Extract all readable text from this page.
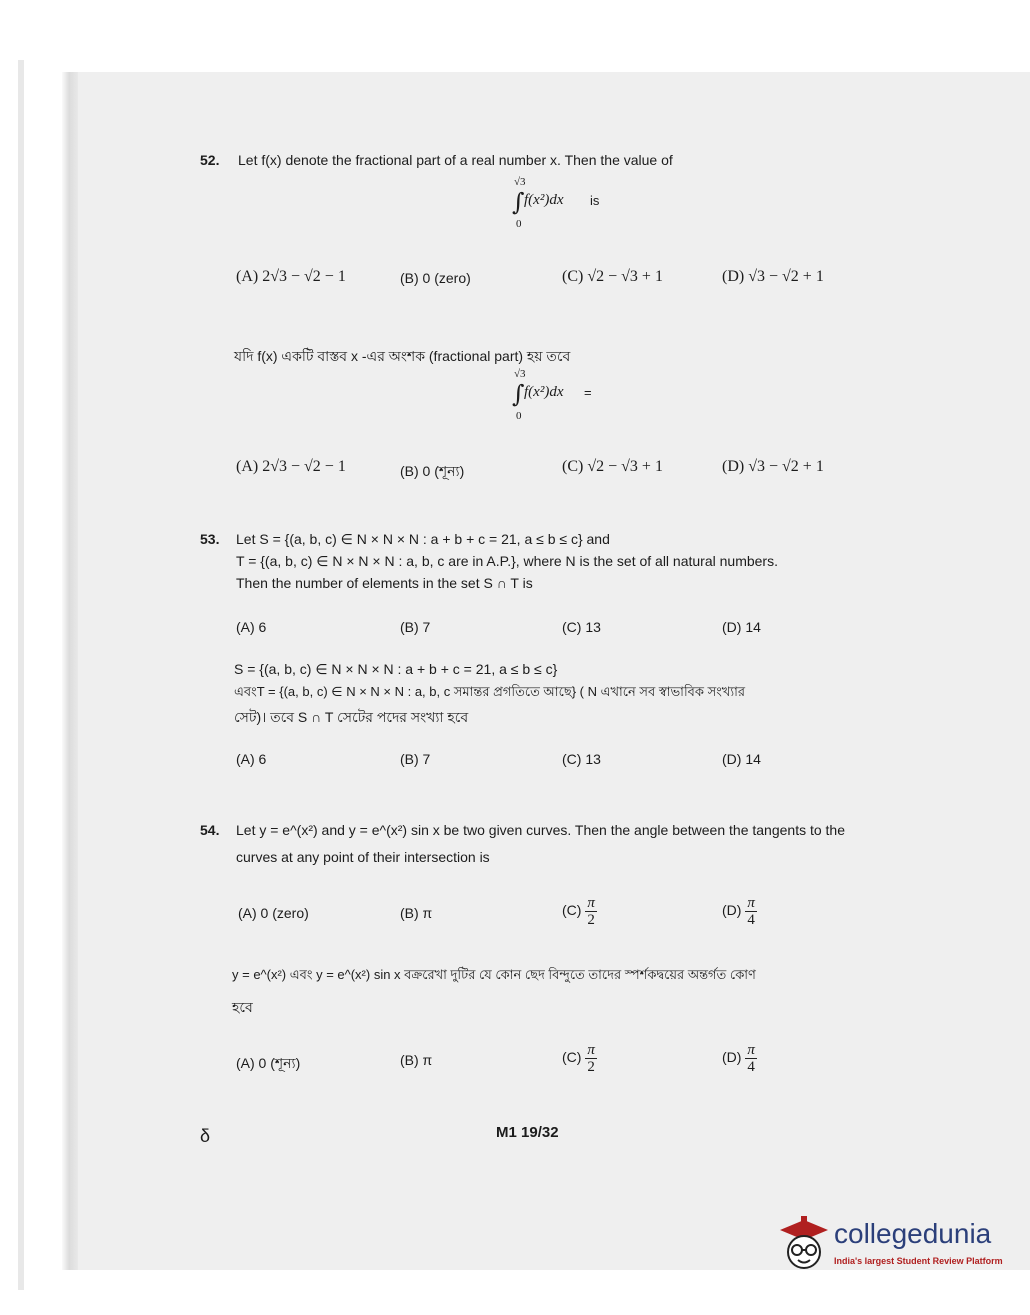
52. Let f(x) denote the fractional part of a real number x. Then the value of
√3
∫ f(x²)dx
0
is
(A) 2√3 − √2 − 1	(B) 0 (zero)	(C) √2 − √3 + 1	(D) √3 − √2 + 1
যদি f(x) একটি বাস্তব x -এর অংশক (fractional part) হয় তবে
√3
∫ f(x²)dx
0
=
(A) 2√3 − √2 − 1	(B) 0 (শূন্য)	(C) √2 − √3 + 1	(D) √3 − √2 + 1
53. Let S = {(a, b, c) ∈ N × N × N : a + b + c = 21, a ≤ b ≤ c} and
T = {(a, b, c) ∈ N × N × N : a, b, c are in A.P.}, where N is the set of all natural numbers.
Then the number of elements in the set S ∩ T is
(A) 6	(B) 7	(C) 13	(D) 14
S = {(a, b, c) ∈ N × N × N : a + b + c = 21, a ≤ b ≤ c}
এবংT = {(a, b, c) ∈ N × N × N : a, b, c সমান্তর প্রগতিতে আছে} ( N এখানে সব স্বাভাবিক সংখ্যার
সেট)। তবে S ∩ T সেটের পদের সংখ্যা হবে
(A) 6	(B) 7	(C) 13	(D) 14
54. Let y = e^(x²) and y = e^(x²) sin x be two given curves. Then the angle between the tangents to the
curves at any point of their intersection is
(A) 0 (zero)	(B) π	$(C) \frac{\pi}{2}$	$(D) \frac{\pi}{4}$
y = e^(x²) এবং y = e^(x²) sin x বক্ররেখা দুটির যে কোন ছেদ বিন্দুতে তাদের স্পর্শকদ্বয়ের অন্তর্গত কোণ
হবে
(A) 0 (শূন্য)	(B) π	$(C) \frac{\pi}{2}$	$(D) \frac{\pi}{4}$
δ	M1 19/32
collegedunia
India's largest Student Review Platform
